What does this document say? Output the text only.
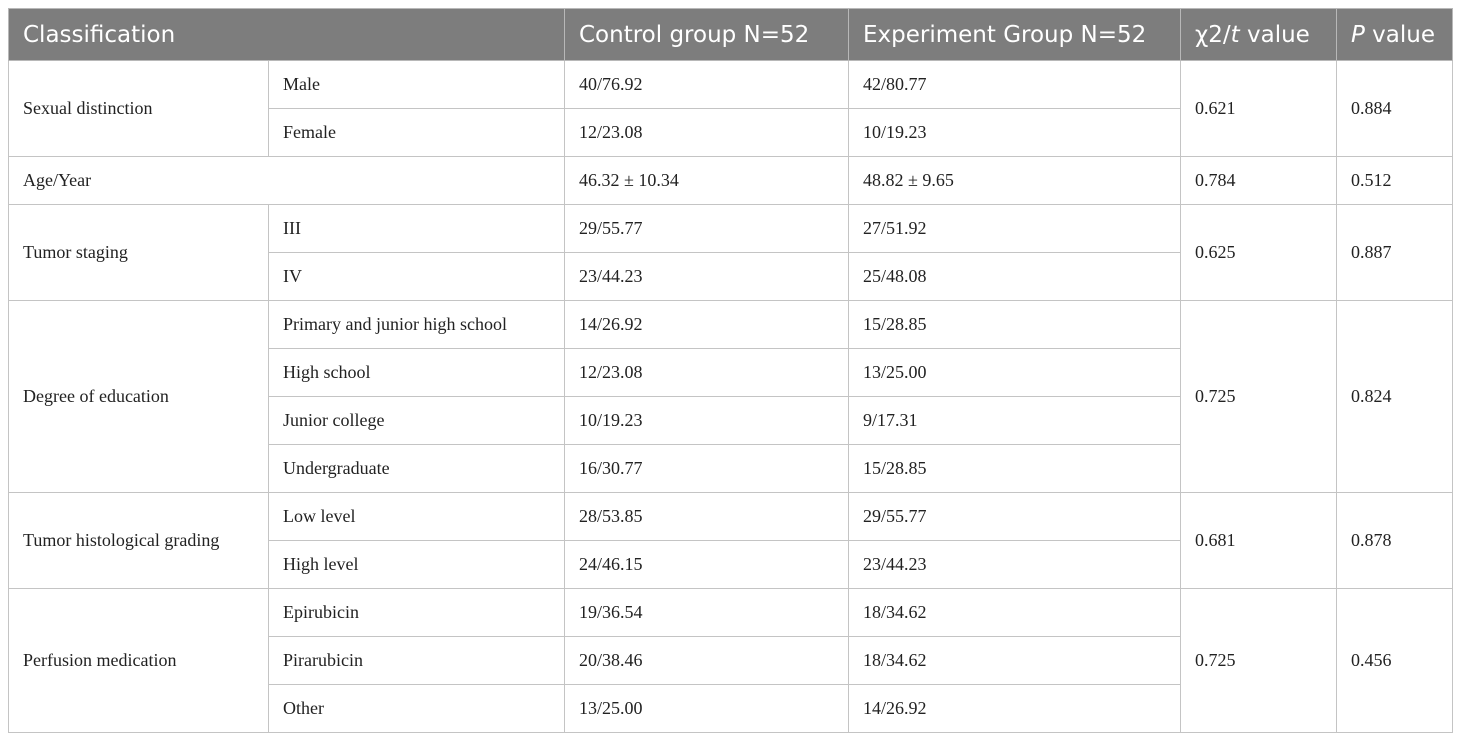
Classification		Control group N=52	Experiment Group N=52	χ2/t value	P value
Sexual distinction	Male	40/76.92	42/80.77	0.621	0.884
	Female	12/23.08	10/19.23		
Age/Year		46.32 ± 10.34	48.82 ± 9.65	0.784	0.512
Tumor staging	III	29/55.77	27/51.92	0.625	0.887
	IV	23/44.23	25/48.08		
Degree of education	Primary and junior high school	14/26.92	15/28.85	0.725	0.824
	High school	12/23.08	13/25.00		
	Junior college	10/19.23	9/17.31		
	Undergraduate	16/30.77	15/28.85		
Tumor histological grading	Low level	28/53.85	29/55.77	0.681	0.878
	High level	24/46.15	23/44.23		
Perfusion medication	Epirubicin	19/36.54	18/34.62	0.725	0.456
	Pirarubicin	20/38.46	18/34.62		
	Other	13/25.00	14/26.92		
